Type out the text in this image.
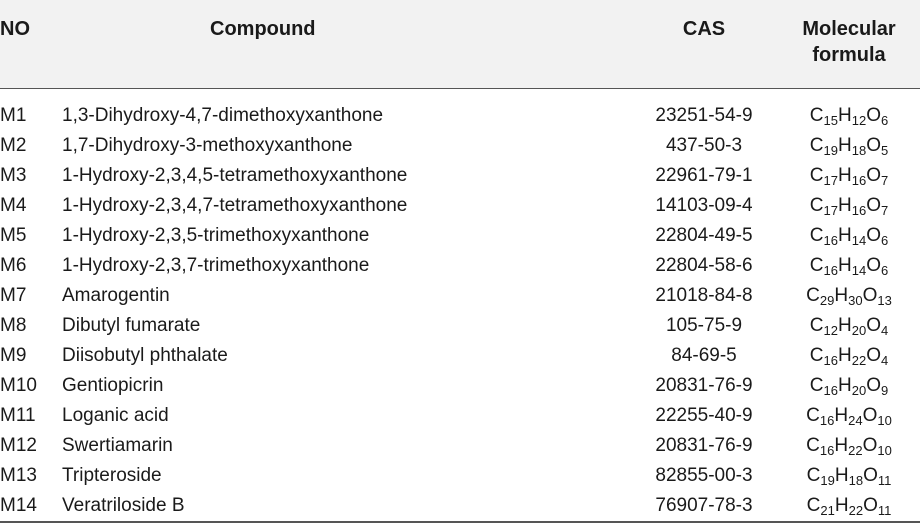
NO	Compound	CAS	Molecular
formula
M1	1,3-Dihydroxy-4,7-dimethoxyxanthone	23251-54-9	$C_{15}H_{12}O_6$
M2	1,7-Dihydroxy-3-methoxyxanthone	437-50-3	$C_{19}H_{18}O_5$
M3	1-Hydroxy-2,3,4,5-tetramethoxyxanthone	22961-79-1	$C_{17}H_{16}O_7$
M4	1-Hydroxy-2,3,4,7-tetramethoxyxanthone	14103-09-4	$C_{17}H_{16}O_7$
M5	1-Hydroxy-2,3,5-trimethoxyxanthone	22804-49-5	$C_{16}H_{14}O_6$
M6	1-Hydroxy-2,3,7-trimethoxyxanthone	22804-58-6	$C_{16}H_{14}O_6$
M7	Amarogentin	21018-84-8	$C_{29}H_{30}O_{13}$
M8	Dibutyl fumarate	105-75-9	$C_{12}H_{20}O_4$
M9	Diisobutyl phthalate	84-69-5	$C_{16}H_{22}O_4$
M10	Gentiopicrin	20831-76-9	$C_{16}H_{20}O_9$
M11	Loganic acid	22255-40-9	$C_{16}H_{24}O_{10}$
M12	Swertiamarin	20831-76-9	$C_{16}H_{22}O_{10}$
M13	Tripteroside	82855-00-3	$C_{19}H_{18}O_{11}$
M14	Veratriloside B	76907-78-3	$C_{21}H_{22}O_{11}$
